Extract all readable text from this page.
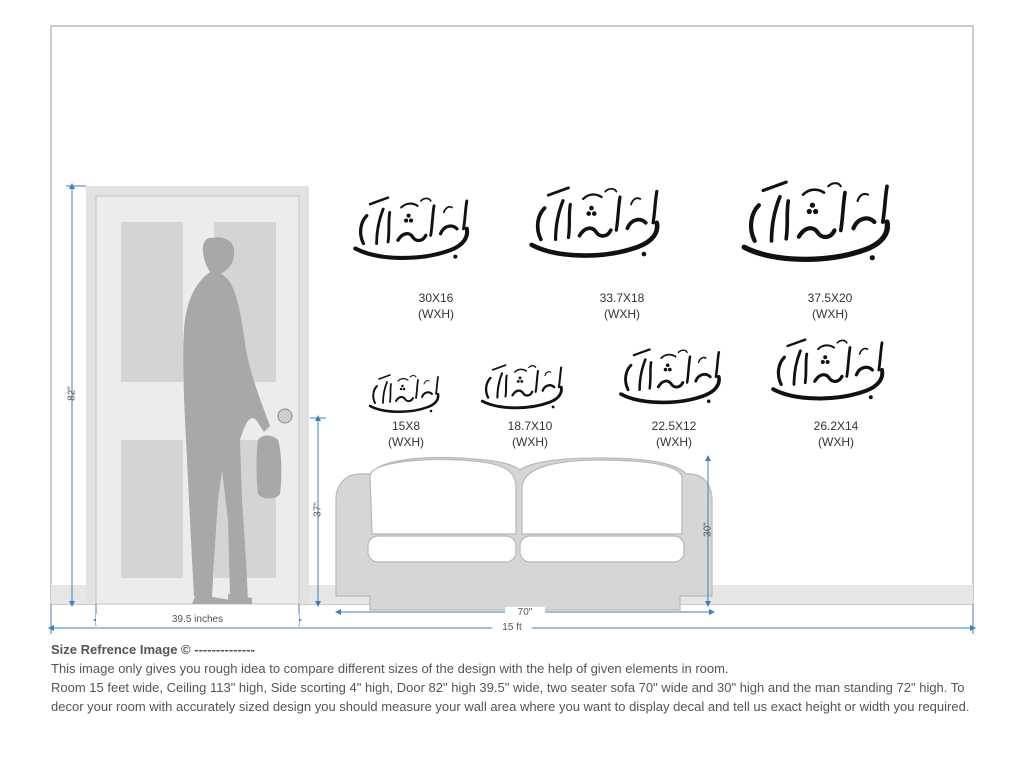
30X16
(WXH)
33.7X18
(WXH)
37.5X20
(WXH)
15X8
(WXH)
18.7X10
(WXH)
22.5X12
(WXH)
26.2X14
(WXH)
82"
39.5 inches
37"
30"
70"
15 ft

Size Refrence Image © --------------

This image only gives you rough idea to compare different sizes of the design with the help of given elements in room.

Room 15 feet wide, Ceiling 113" high, Side scorting 4" high, Door 82" high 39.5" wide, two seater sofa 70" wide and 30" high and the man standing 72" high. To decor your room with accurately sized design you should measure your wall area where you want to display decal and tell us exact height or width you required.
